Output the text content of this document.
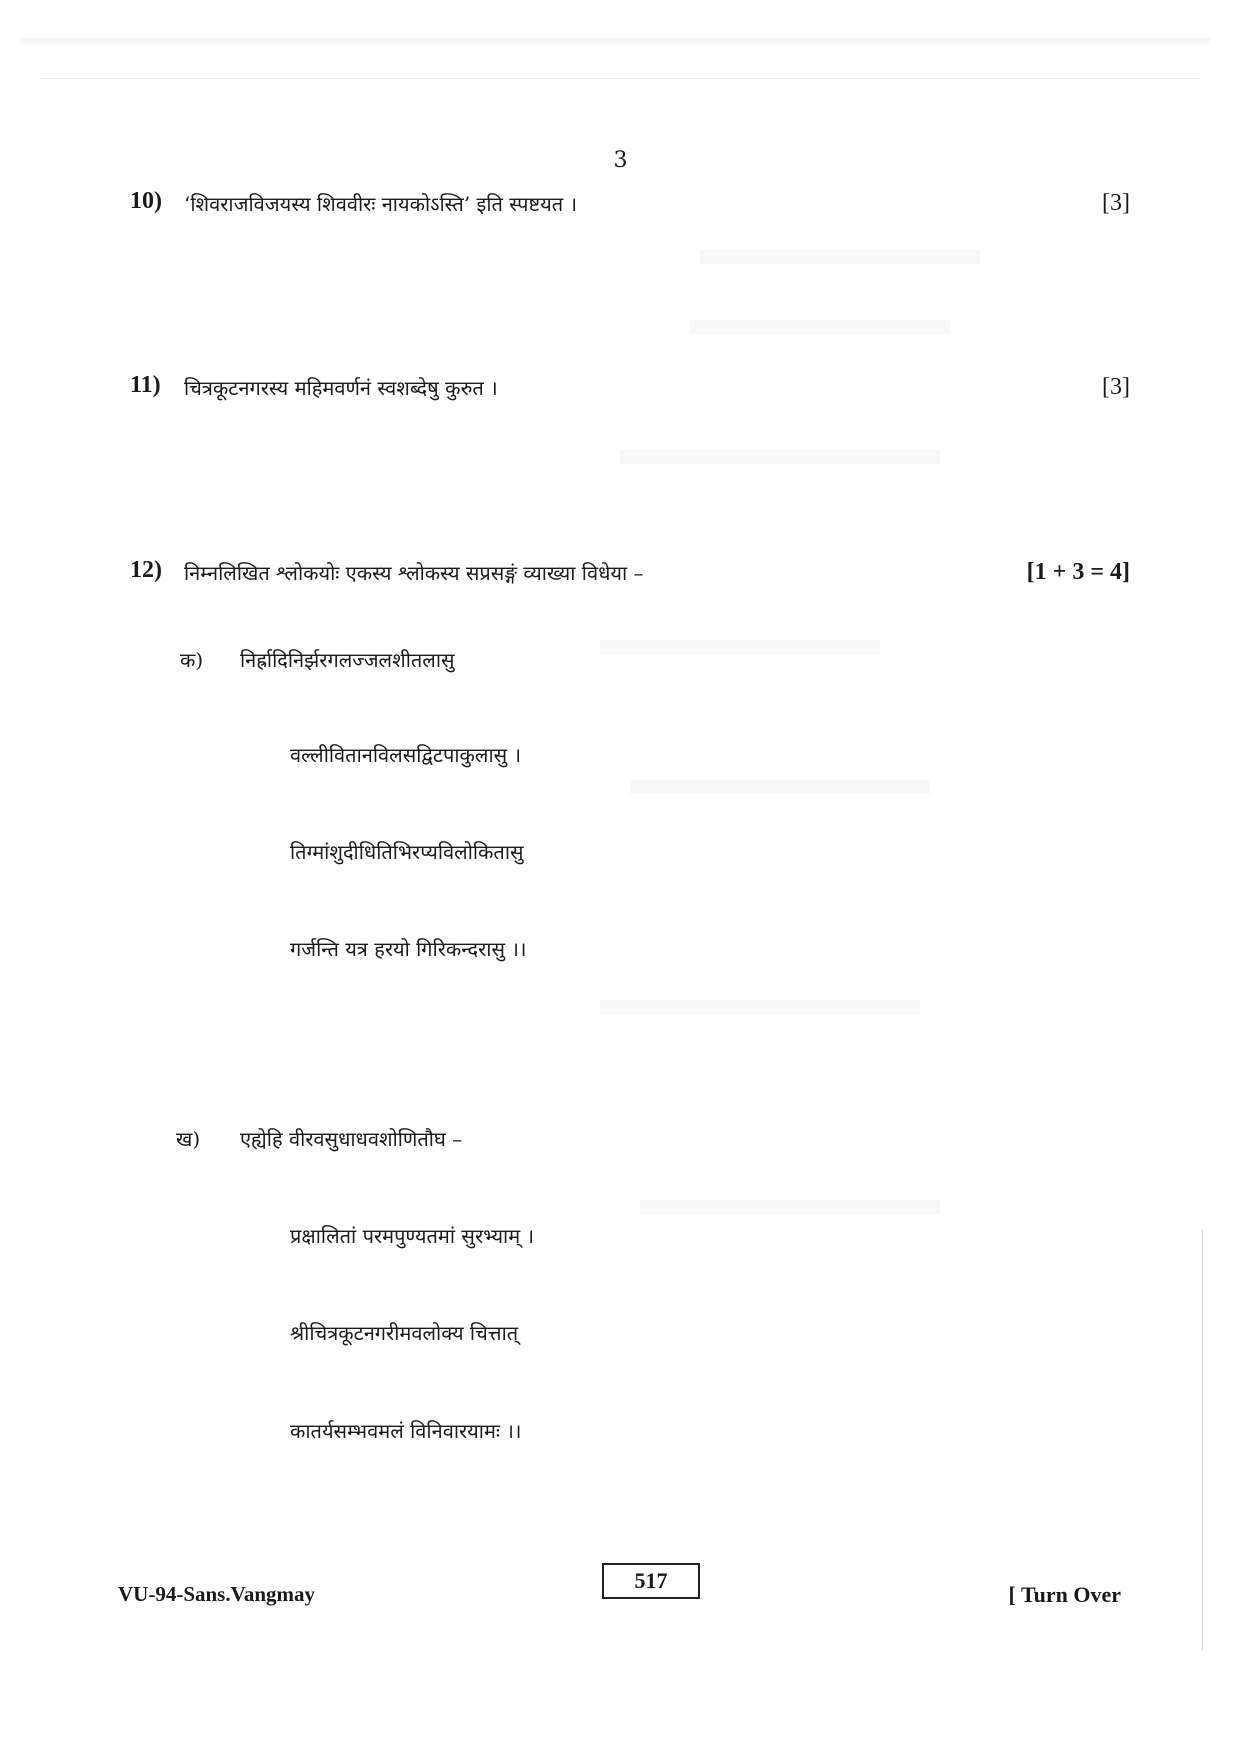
3
10) ‘शिवराजविजयस्य शिववीरः नायकोऽस्ति’ इति स्पष्टयत ।	[3]
11) चित्रकूटनगरस्य महिमवर्णनं स्वशब्देषु कुरुत ।	[3]
12) निम्नलिखित श्लोकयोः एकस्य श्लोकस्य सप्रसङ्गं व्याख्या विधेया –	[1 + 3 = 4]
क) निर्ह्रादिनिर्झरगलज्जलशीतलासु
वल्लीवितानविलसद्विटपाकुलासु ।
तिग्मांशुदीधितिभिरप्यविलोकितासु
गर्जन्ति यत्र हरयो गिरिकन्दरासु ।।
ख) एह्येहि वीरवसुधाधवशोणितौघ –
प्रक्षालितां परमपुण्यतमां सुरभ्याम् ।
श्रीचित्रकूटनगरीमवलोक्य चित्तात्
कातर्यसम्भवमलं विनिवारयामः ।।
VU-94-Sans.Vangmay
517
[ Turn Over
